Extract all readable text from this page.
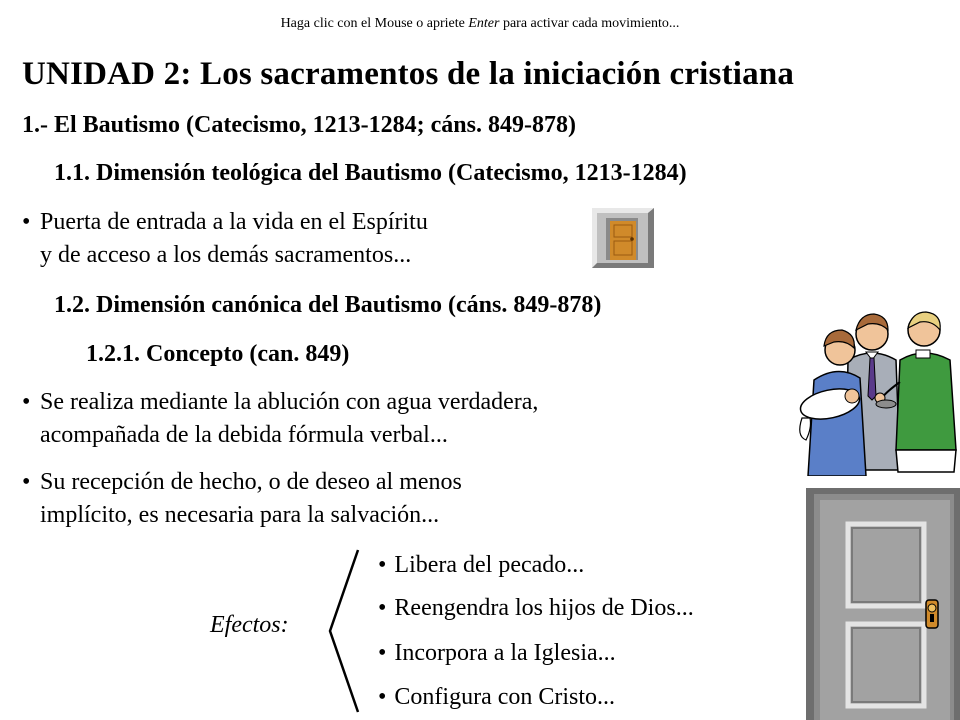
Haga clic con el Mouse o apriete Enter para activar cada movimiento...
UNIDAD 2: Los sacramentos de la iniciación cristiana
1.- El Bautismo (Catecismo, 1213-1284; cáns. 849-878)
1.1. Dimensión teológica del Bautismo (Catecismo, 1213-1284)
• Puerta de entrada a la vida en el Espíritu
y de acceso a los demás sacramentos...
1.2. Dimensión canónica del Bautismo (cáns. 849-878)
1.2.1. Concepto (can. 849)
• Se realiza mediante la ablución con agua verdadera,
acompañada de la debida fórmula verbal...
• Su recepción de hecho, o de deseo al menos
implícito, es necesaria para la salvación...
Efectos:
• Libera del pecado...
• Reengendra los hijos de Dios...
• Incorpora a la Iglesia...
• Configura con Cristo...
